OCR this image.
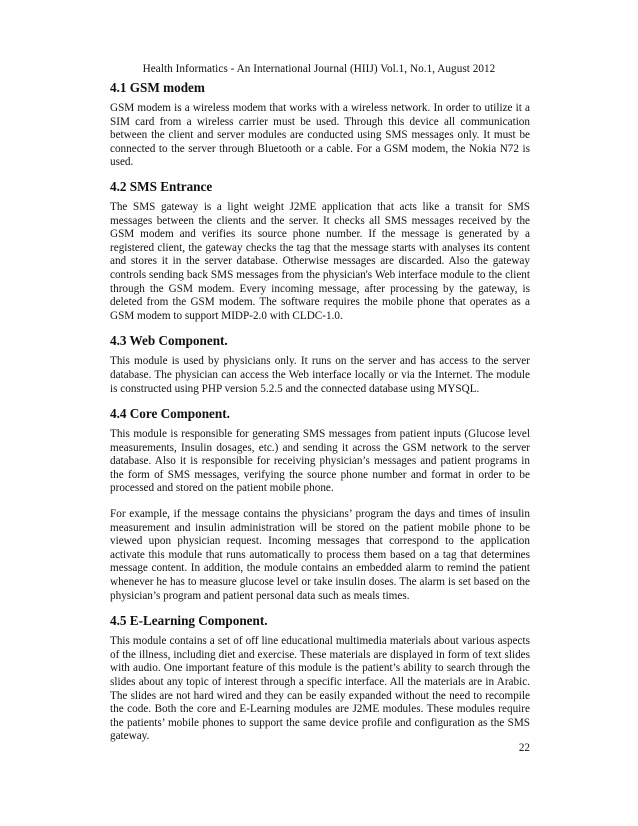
Health Informatics - An International Journal (HIIJ) Vol.1, No.1, August 2012
4.1 GSM modem

GSM modem is a wireless modem that works with a wireless network. In order to utilize it a SIM card from a wireless carrier must be used. Through this device all communication between the client and server modules are conducted using SMS messages only. It must be connected to the server through Bluetooth or a cable. For a GSM modem, the Nokia N72 is used.

4.2 SMS Entrance

The SMS gateway is a light weight J2ME application that acts like a transit for SMS messages between the clients and the server. It checks all SMS messages received by the GSM modem and verifies its source phone number. If the message is generated by a registered client, the gateway checks the tag that the message starts with analyses its content and stores it in the server database. Otherwise messages are discarded. Also the gateway controls sending back SMS messages from the physician's Web interface module to the client through the GSM modem. Every incoming message, after processing by the gateway, is deleted from the GSM modem. The software requires the mobile phone that operates as a GSM modem to support MIDP-2.0 with CLDC-1.0.

4.3 Web Component.

This module is used by physicians only. It runs on the server and has access to the server database. The physician can access the Web interface locally or via the Internet. The module is constructed using PHP version 5.2.5 and the connected database using MYSQL.

4.4 Core Component.

This module is responsible for generating SMS messages from patient inputs (Glucose level measurements, Insulin dosages, etc.) and sending it across the GSM network to the server database. Also it is responsible for receiving physician’s messages and patient programs in the form of SMS messages, verifying the source phone number and format in order to be processed and stored on the patient mobile phone.

For example, if the message contains the physicians’ program the days and times of insulin measurement and insulin administration will be stored on the patient mobile phone to be viewed upon physician request. Incoming messages that correspond to the application activate this module that runs automatically to process them based on a tag that determines message content. In addition, the module contains an embedded alarm to remind the patient whenever he has to measure glucose level or take insulin doses. The alarm is set based on the physician’s program and patient personal data such as meals times.

4.5 E-Learning Component.

This module contains a set of off line educational multimedia materials about various aspects of the illness, including diet and exercise. These materials are displayed in form of text slides with audio. One important feature of this module is the patient’s ability to search through the slides about any topic of interest through a specific interface. All the materials are in Arabic. The slides are not hard wired and they can be easily expanded without the need to recompile the code. Both the core and E-Learning modules are J2ME modules. These modules require the patients’ mobile phones to support the same device profile and configuration as the SMS gateway.

22
